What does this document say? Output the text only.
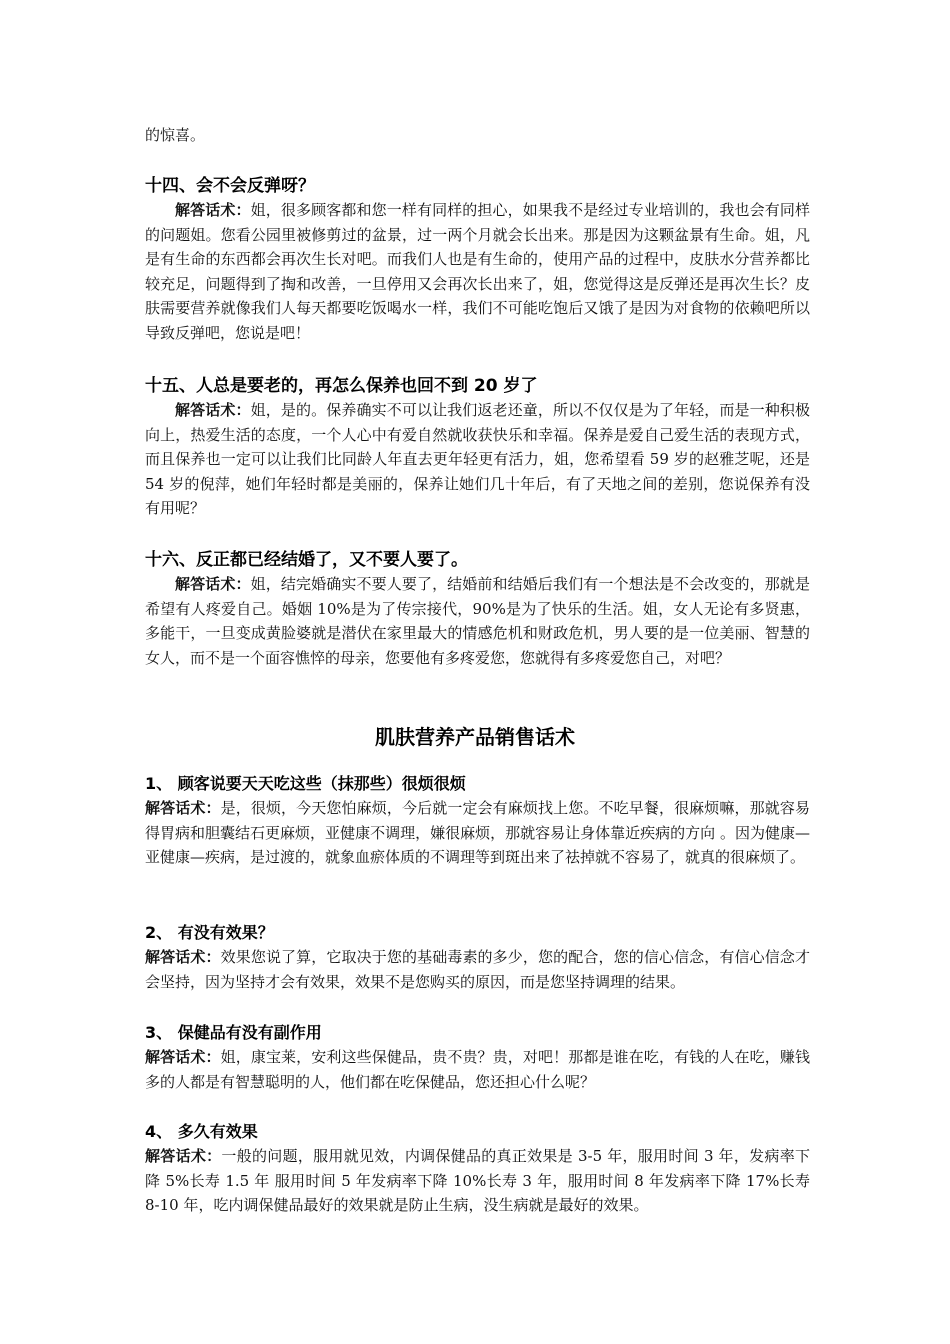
的惊喜。

十四、会不会反弹呀？

解答话术：姐，很多顾客都和您一样有同样的担心，如果我不是经过专业培训的，我也会有同样的问题姐。您看公园里被修剪过的盆景，过一两个月就会长出来。那是因为这颗盆景有生命。姐，凡是有生命的东西都会再次生长对吧。而我们人也是有生命的，使用产品的过程中，皮肤水分营养都比较充足，问题得到了掏和改善，一旦停用又会再次长出来了，姐，您觉得这是反弹还是再次生长？皮肤需要营养就像我们人每天都要吃饭喝水一样，我们不可能吃饱后又饿了是因为对食物的依赖吧所以导致反弹吧，您说是吧！

十五、人总是要老的，再怎么保养也回不到 20 岁了

解答话术：姐，是的。保养确实不可以让我们返老还童，所以不仅仅是为了年轻，而是一种积极向上，热爱生活的态度，一个人心中有爱自然就收获快乐和幸福。保养是爱自己爱生活的表现方式，而且保养也一定可以让我们比同龄人年直去更年轻更有活力，姐，您希望看 59 岁的赵雅芝呢，还是 54 岁的倪萍，她们年轻时都是美丽的，保养让她们几十年后，有了天地之间的差别，您说保养有没有用呢？

十六、反正都已经结婚了，又不要人要了。

解答话术：姐，结完婚确实不要人要了，结婚前和结婚后我们有一个想法是不会改变的，那就是希望有人疼爱自己。婚姻 10%是为了传宗接代，90%是为了快乐的生活。姐，女人无论有多贤惠，多能干，一旦变成黄脸婆就是潜伏在家里最大的情感危机和财政危机，男人要的是一位美丽、智慧的女人，而不是一个面容憔悴的母亲，您要他有多疼爱您，您就得有多疼爱您自己，对吧？

肌肤营养产品销售话术

1、 顾客说要天天吃这些（抹那些）很烦很烦

解答话术：是，很烦，今天您怕麻烦，今后就一定会有麻烦找上您。不吃早餐，很麻烦嘛，那就容易得胃病和胆囊结石更麻烦，亚健康不调理，嫌很麻烦，那就容易让身体靠近疾病的方向 。因为健康—亚健康—疾病，是过渡的，就象血瘀体质的不调理等到斑出来了祛掉就不容易了，就真的很麻烦了。

2、 有没有效果？

解答话术：效果您说了算，它取决于您的基础毒素的多少，您的配合，您的信心信念，有信心信念才会坚持，因为坚持才会有效果，效果不是您购买的原因，而是您坚持调理的结果。

3、 保健品有没有副作用

解答话术：姐，康宝莱，安利这些保健品，贵不贵？贵，对吧！那都是谁在吃，有钱的人在吃，赚钱多的人都是有智慧聪明的人，他们都在吃保健品，您还担心什么呢？

4、 多久有效果

解答话术：一般的问题，服用就见效，内调保健品的真正效果是 3-5 年，服用时间 3 年，发病率下降 5%长寿 1.5 年 服用时间 5 年发病率下降 10%长寿 3 年，服用时间 8 年发病率下降 17%长寿 8-10 年，吃内调保健品最好的效果就是防止生病，没生病就是最好的效果。
